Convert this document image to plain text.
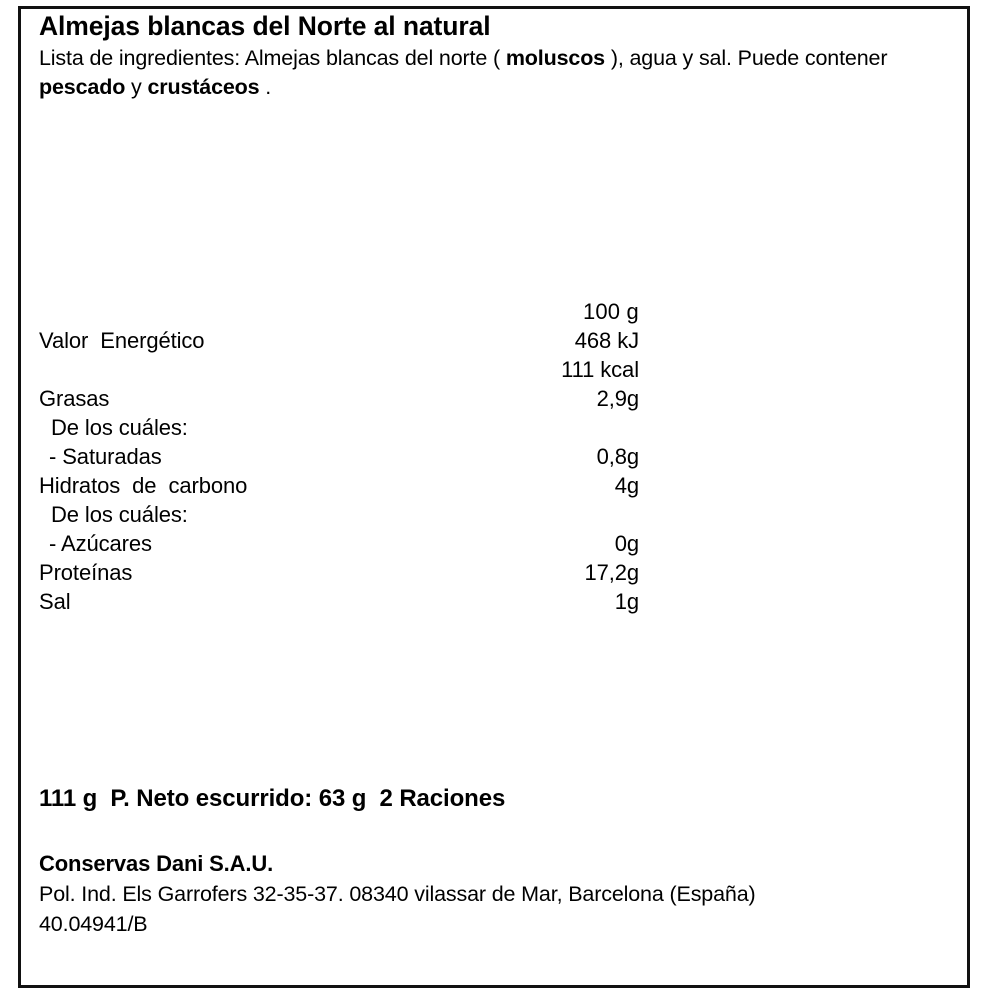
Almejas blancas del Norte al natural

Lista de ingredientes: Almejas blancas del norte ( moluscos ), agua y sal. Puede contener pescado y crustáceos .

100 g
Valor  Energético	468 kJ
111 kcal
Grasas	2,9g
De los cuáles:
- Saturadas	0,8g
Hidratos  de  carbono	4g
De los cuáles:
- Azúcares	0g
Proteínas	17,2g
Sal	1g
111 g  P. Neto escurrido: 63 g  2 Raciones
Conservas Dani S.A.U.
Pol. Ind. Els Garrofers 32-35-37. 08340 vilassar de Mar, Barcelona (España)
40.04941/B
